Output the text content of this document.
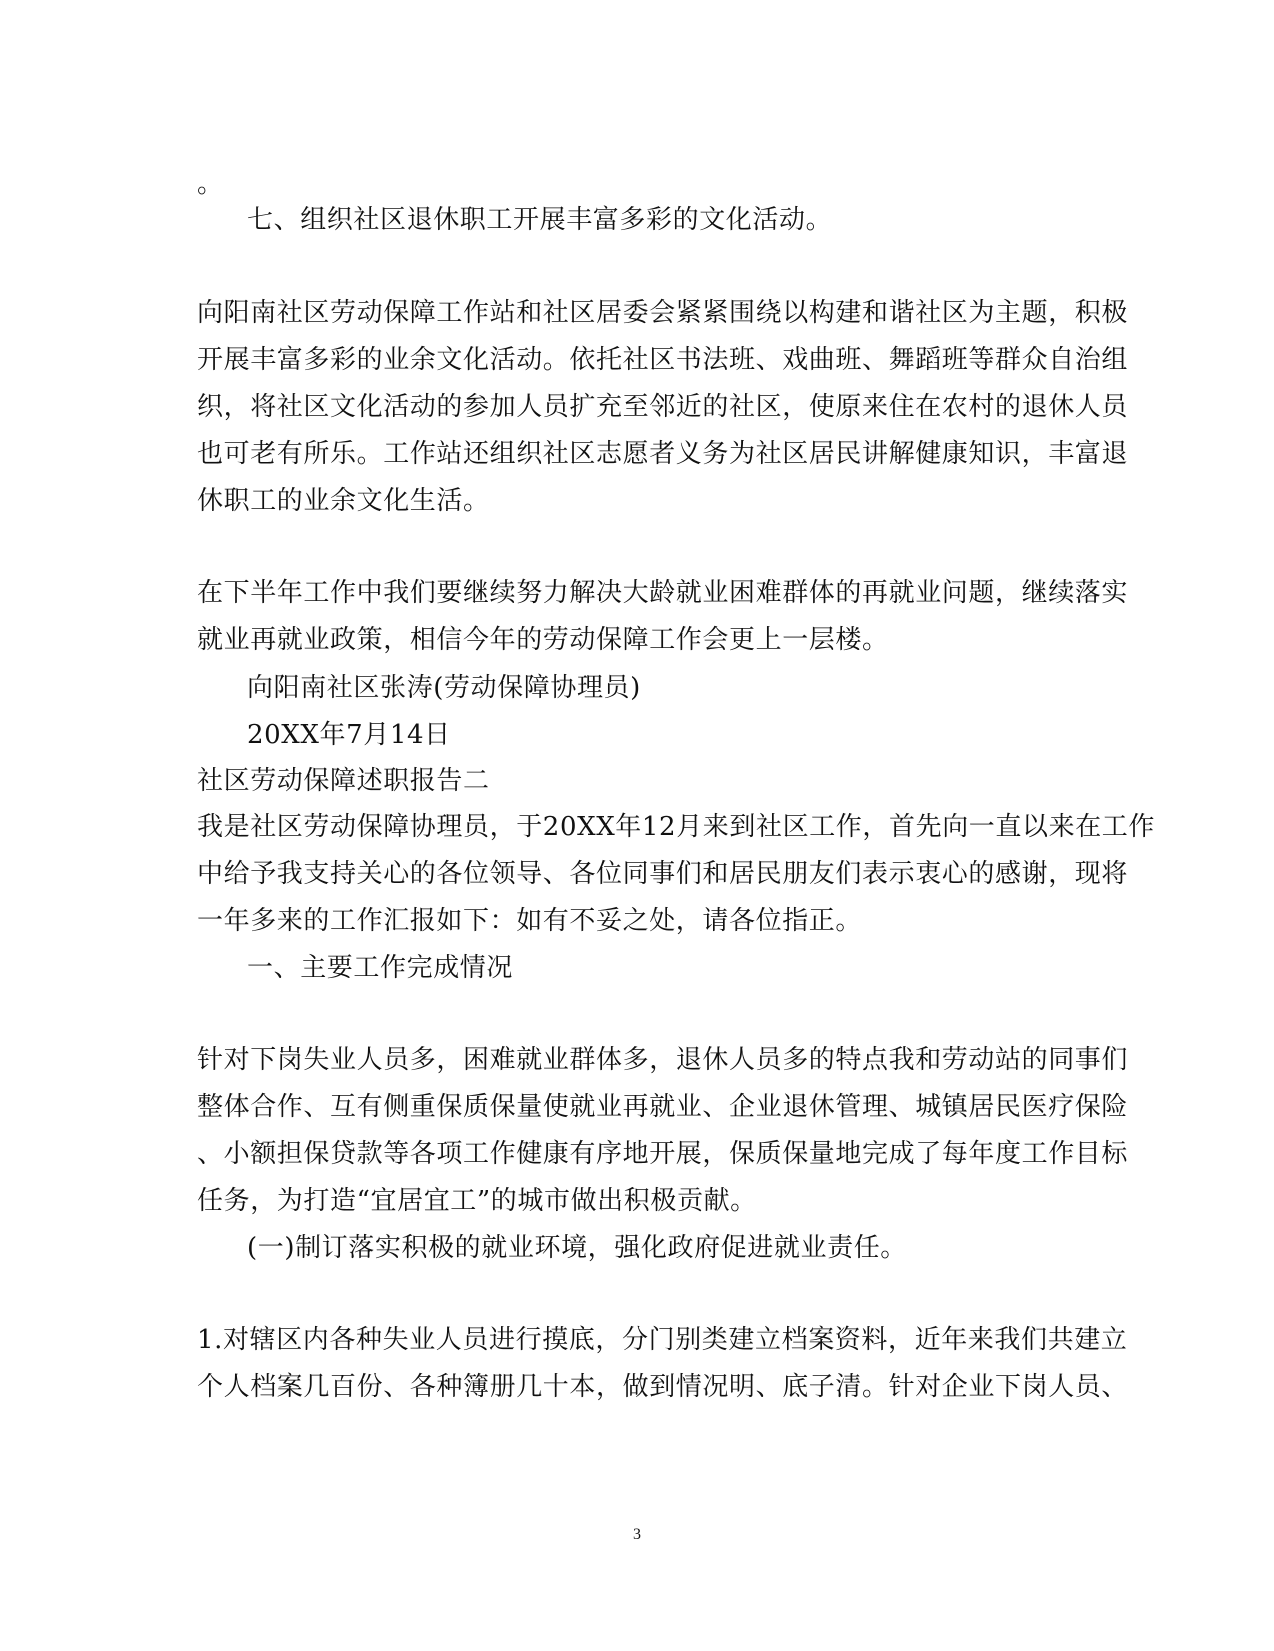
。
七、组织社区退休职工开展丰富多彩的文化活动。
向阳南社区劳动保障工作站和社区居委会紧紧围绕以构建和谐社区为主题，积极
开展丰富多彩的业余文化活动。依托社区书法班、戏曲班、舞蹈班等群众自治组
织，将社区文化活动的参加人员扩充至邻近的社区，使原来住在农村的退休人员
也可老有所乐。工作站还组织社区志愿者义务为社区居民讲解健康知识，丰富退
休职工的业余文化生活。
在下半年工作中我们要继续努力解决大龄就业困难群体的再就业问题，继续落实
就业再就业政策，相信今年的劳动保障工作会更上一层楼。
向阳南社区张涛(劳动保障协理员)
20XX年7月14日
社区劳动保障述职报告二
我是社区劳动保障协理员，于20XX年12月来到社区工作，首先向一直以来在工作
中给予我支持关心的各位领导、各位同事们和居民朋友们表示衷心的感谢，现将
一年多来的工作汇报如下：如有不妥之处，请各位指正。
一、主要工作完成情况
针对下岗失业人员多，困难就业群体多，退休人员多的特点我和劳动站的同事们
整体合作、互有侧重保质保量使就业再就业、企业退休管理、城镇居民医疗保险
、小额担保贷款等各项工作健康有序地开展，保质保量地完成了每年度工作目标
任务，为打造“宜居宜工”的城市做出积极贡献。
(一)制订落实积极的就业环境，强化政府促进就业责任。
1.对辖区内各种失业人员进行摸底，分门别类建立档案资料，近年来我们共建立
个人档案几百份、各种簿册几十本，做到情况明、底子清。针对企业下岗人员、
3
